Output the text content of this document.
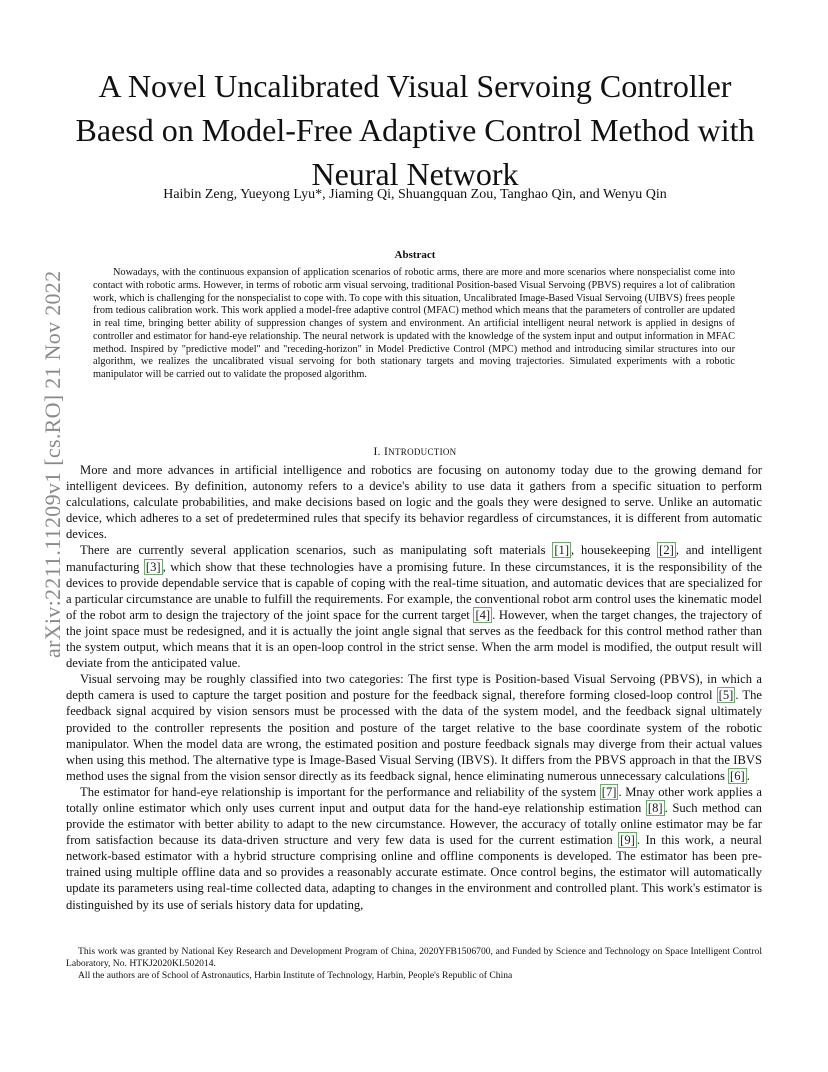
arXiv:2211.11209v1 [cs.RO] 21 Nov 2022
A Novel Uncalibrated Visual Servoing Controller Baesd on Model-Free Adaptive Control Method with Neural Network
Haibin Zeng, Yueyong Lyu*, Jiaming Qi, Shuangquan Zou, Tanghao Qin, and Wenyu Qin
Abstract

Nowadays, with the continuous expansion of application scenarios of robotic arms, there are more and more scenarios where nonspecialist come into contact with robotic arms. However, in terms of robotic arm visual servoing, traditional Position-based Visual Servoing (PBVS) requires a lot of calibration work, which is challenging for the nonspecialist to cope with. To cope with this situation, Uncalibrated Image-Based Visual Servoing (UIBVS) frees people from tedious calibration work. This work applied a model-free adaptive control (MFAC) method which means that the parameters of controller are updated in real time, bringing better ability of suppression changes of system and environment. An artificial intelligent neural network is applied in designs of controller and estimator for hand-eye relationship. The neural network is updated with the knowledge of the system input and output information in MFAC method. Inspired by "predictive model" and "receding-horizon" in Model Predictive Control (MPC) method and introducing similar structures into our algorithm, we realizes the uncalibrated visual servoing for both stationary targets and moving trajectories. Simulated experiments with a robotic manipulator will be carried out to validate the proposed algorithm.

I. INTRODUCTION

More and more advances in artificial intelligence and robotics are focusing on autonomy today due to the growing demand for intelligent devicees. By definition, autonomy refers to a device's ability to use data it gathers from a specific situation to perform calculations, calculate probabilities, and make decisions based on logic and the goals they were designed to serve. Unlike an automatic device, which adheres to a set of predetermined rules that specify its behavior regardless of circumstances, it is different from automatic devices.

There are currently several application scenarios, such as manipulating soft materials [1] , housekeeping [2] , and intelligent manufacturing [3] , which show that these technologies have a promising future. In these circumstances, it is the responsibility of the devices to provide dependable service that is capable of coping with the real-time situation, and automatic devices that are specialized for a particular circumstance are unable to fulfill the requirements. For example, the conventional robot arm control uses the kinematic model of the robot arm to design the trajectory of the joint space for the current target [4] . However, when the target changes, the trajectory of the joint space must be redesigned, and it is actually the joint angle signal that serves as the feedback for this control method rather than the system output, which means that it is an open-loop control in the strict sense. When the arm model is modified, the output result will deviate from the anticipated value.

Visual servoing may be roughly classified into two categories: The first type is Position-based Visual Servoing (PBVS), in which a depth camera is used to capture the target position and posture for the feedback signal, therefore forming closed-loop control [5] . The feedback signal acquired by vision sensors must be processed with the data of the system model, and the feedback signal ultimately provided to the controller represents the position and posture of the target relative to the base coordinate system of the robotic manipulator. When the model data are wrong, the estimated position and posture feedback signals may diverge from their actual values when using this method. The alternative type is Image-Based Visual Serving (IBVS). It differs from the PBVS approach in that the IBVS method uses the signal from the vision sensor directly as its feedback signal, hence eliminating numerous unnecessary calculations [6] .

The estimator for hand-eye relationship is important for the performance and reliability of the system [7] . Mnay other work applies a totally online estimator which only uses current input and output data for the hand-eye relationship estimation [8] . Such method can provide the estimator with better ability to adapt to the new circumstance. However, the accuracy of totally online estimator may be far from satisfaction because its data-driven structure and very few data is used for the current estimation [9] . In this work, a neural network-based estimator with a hybrid structure comprising online and offline components is developed. The estimator has been pre-trained using multiple offline data and so provides a reasonably accurate estimate. Once control begins, the estimator will automatically update its parameters using real-time collected data, adapting to changes in the environment and controlled plant. This work's estimator is distinguished by its use of serials history data for updating,

This work was granted by National Key Research and Development Program of China, 2020YFB1506700, and Funded by Science and Technology on Space Intelligent Control Laboratory, No. HTKJ2020KL502014.

All the authors are of School of Astronautics, Harbin Institute of Technology, Harbin, People's Republic of China
